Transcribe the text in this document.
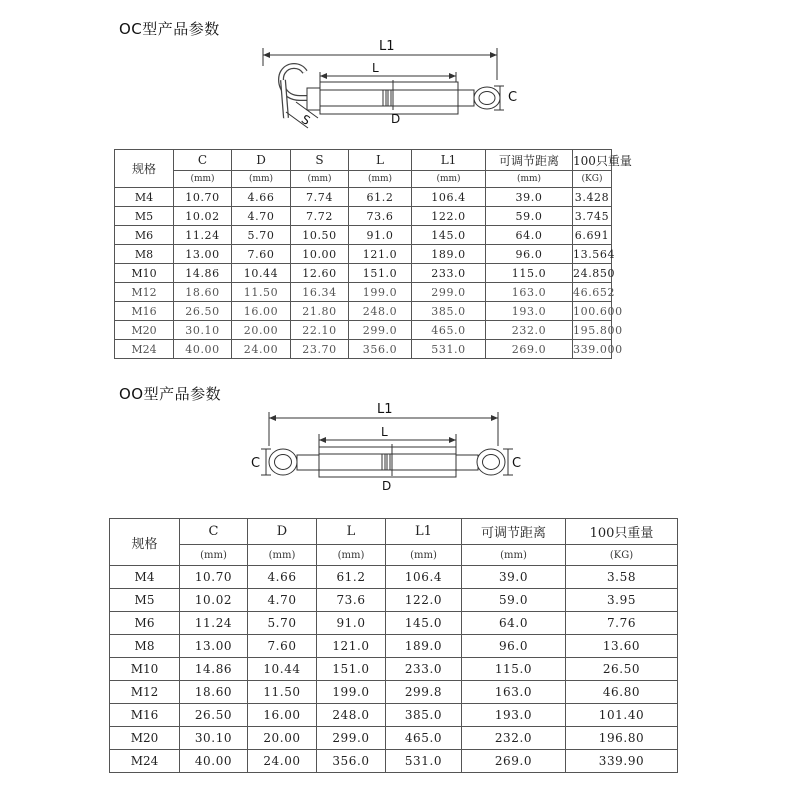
OC型产品参数
L1
L
S	D
C
规格	C	D	S	L	L1	可调节距离	100只重量
	(mm)	(mm)	(mm)	(mm)	(mm)	(mm)	(KG)
M4	10.70	4.66	7.74	61.2	106.4	39.0	3.428
M5	10.02	4.70	7.72	73.6	122.0	59.0	3.745
M6	11.24	5.70	10.50	91.0	145.0	64.0	6.691
M8	13.00	7.60	10.00	121.0	189.0	96.0	13.564
M10	14.86	10.44	12.60	151.0	233.0	115.0	24.850
M12	18.60	11.50	16.34	199.0	299.0	163.0	46.652
M16	26.50	16.00	21.80	248.0	385.0	193.0	100.600
M20	30.10	20.00	22.10	299.0	465.0	232.0	195.800
M24	40.00	24.00	23.70	356.0	531.0	269.0	339.000
OO型产品参数
L1
L
D
C	C
规格	C	D	L	L1	可调节距离	100只重量
	(mm)	(mm)	(mm)	(mm)	(mm)	(KG)
M4	10.70	4.66	61.2	106.4	39.0	3.58
M5	10.02	4.70	73.6	122.0	59.0	3.95
M6	11.24	5.70	91.0	145.0	64.0	7.76
M8	13.00	7.60	121.0	189.0	96.0	13.60
M10	14.86	10.44	151.0	233.0	115.0	26.50
M12	18.60	11.50	199.0	299.8	163.0	46.80
M16	26.50	16.00	248.0	385.0	193.0	101.40
M20	30.10	20.00	299.0	465.0	232.0	196.80
M24	40.00	24.00	356.0	531.0	269.0	339.90
